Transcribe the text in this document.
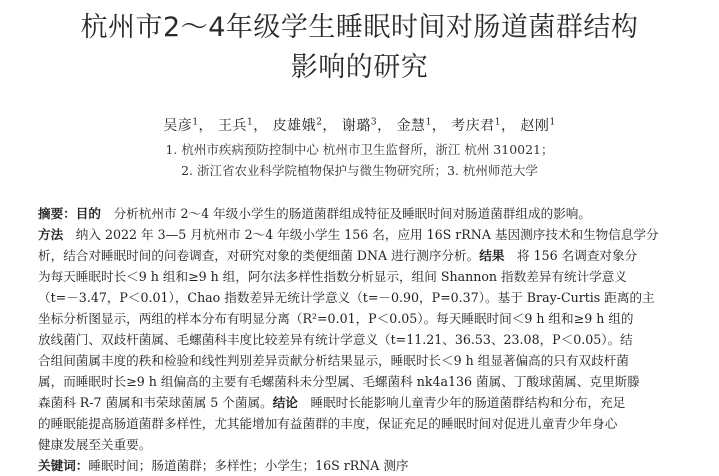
杭州市2～4年级学生睡眠时间对肠道菌群结构
影响的研究
吴彦$^1$， 王兵$^1$， 皮雄娥$^2$， 谢璐$^3$， 金慧$^1$， 考庆君$^1$， 赵刚$^1$
1. 杭州市疾病预防控制中心 杭州市卫生监督所，浙江 杭州 310021；
2. 浙江省农业科学院植物保护与微生物研究所；3. 杭州师范大学
摘要：目的　 分析杭州市 2～4 年级小学生的肠道菌群组成特征及睡眠时间对肠道菌群组成的影响。
方法　 纳入 2022 年 3—5 月杭州市 2～4 年级小学生 156 名，应用 16S rRNA 基因测序技术和生物信息学分
析，结合对睡眠时间的问卷调查，对研究对象的类便细菌 DNA 进行测序分析。结果　 将 156 名调查对象分
为每天睡眠时长＜9 h 组和≥9 h 组，阿尔法多样性指数分析显示，组间 Shannon 指数差异有统计学意义
（t=－3.47，P＜0.01），Chao 指数差异无统计学意义（t=－0.90，P=0.37）。基于 Bray-Curtis 距离的主
坐标分析图显示，两组的样本分布有明显分离（R²=0.01，P＜0.05）。每天睡眠时间＜9 h 组和≥9 h 组的
放线菌门、双歧杆菌属、毛螺菌科丰度比较差异有统计学意义（t=11.21、36.53、23.08，P＜0.05）。结
合组间菌属丰度的秩和检验和线性判别差异贡献分析结果显示，睡眠时长＜9 h 组显著偏高的只有双歧杆菌
属，而睡眠时长≥9 h 组偏高的主要有毛螺菌科未分型属、毛螺菌科 nk4a136 菌属、丁酸球菌属、克里斯滕
森菌科 R-7 菌属和韦荣球菌属 5 个菌属。结论　 睡眠时长能影响儿童青少年的肠道菌群结构和分布，充足
的睡眠能提高肠道菌群多样性，尤其能增加有益菌群的丰度，保证充足的睡眠时间对促进儿童青少年身心
健康发展至关重要。
关键词：睡眠时间；肠道菌群；多样性；小学生；16S rRNA 测序
